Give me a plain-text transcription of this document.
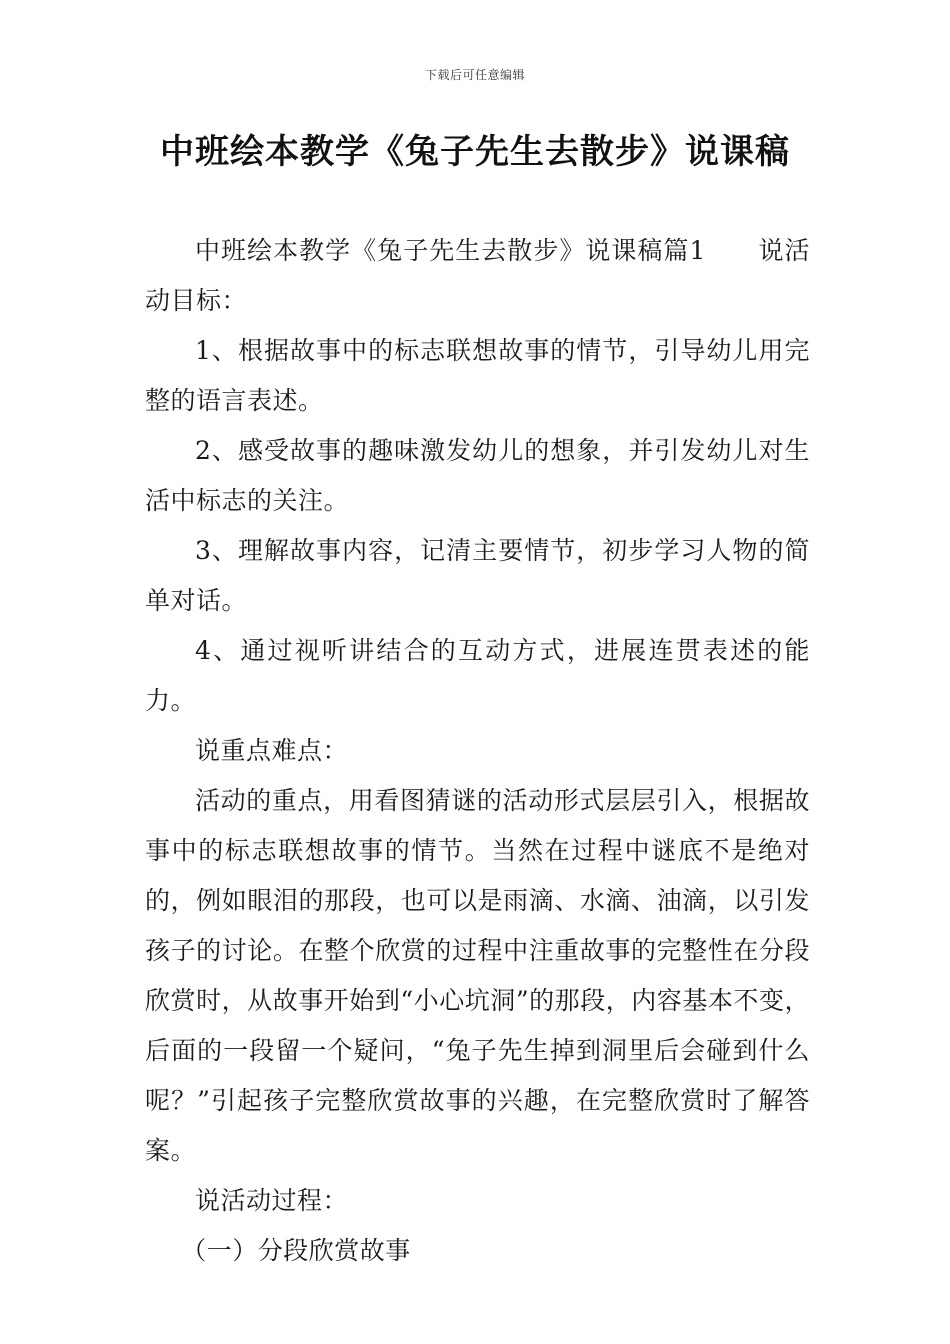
下载后可任意编辑
中班绘本教学《兔子先生去散步》说课稿

中班绘本教学《兔子先生去散步》说课稿篇1　　说活动目标：

1、根据故事中的标志联想故事的情节，引导幼儿用完整的语言表述。

2、感受故事的趣味激发幼儿的想象，并引发幼儿对生活中标志的关注。

3、理解故事内容，记清主要情节，初步学习人物的简单对话。

4、通过视听讲结合的互动方式，进展连贯表述的能力。

说重点难点：

活动的重点，用看图猜谜的活动形式层层引入，根据故事中的标志联想故事的情节。当然在过程中谜底不是绝对的，例如眼泪的那段，也可以是雨滴、水滴、油滴，以引发孩子的讨论。在整个欣赏的过程中注重故事的完整性在分段欣赏时，从故事开始到“小心坑洞”的那段，内容基本不变，后面的一段留一个疑问，“兔子先生掉到洞里后会碰到什么呢？”引起孩子完整欣赏故事的兴趣，在完整欣赏时了解答案。

说活动过程：

（一）分段欣赏故事
